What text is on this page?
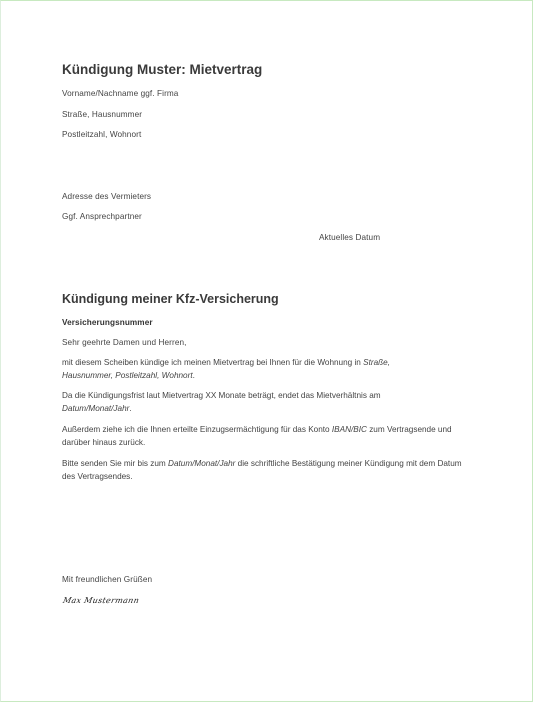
Kündigung Muster: Mietvertrag
Vorname/Nachname ggf. Firma
Straße, Hausnummer
Postleitzahl, Wohnort
Adresse des Vermieters
Ggf. Ansprechpartner
Aktuelles Datum
Kündigung meiner Kfz-Versicherung
Versicherungsnummer
Sehr geehrte Damen und Herren,
mit diesem Scheiben kündige ich meinen Mietvertrag bei Ihnen für die Wohnung in Straße, Hausnummer, Postleitzahl, Wohnort.
Da die Kündigungsfrist laut Mietvertrag XX Monate beträgt, endet das Mietverhältnis am Datum/Monat/Jahr.
Außerdem ziehe ich die Ihnen erteilte Einzugsermächtigung für das Konto IBAN/BIC zum Vertragsende und darüber hinaus zurück.
Bitte senden Sie mir bis zum Datum/Monat/Jahr die schriftliche Bestätigung meiner Kündigung mit dem Datum des Vertragsendes.
Mit freundlichen Grüßen
Max Mustermann
